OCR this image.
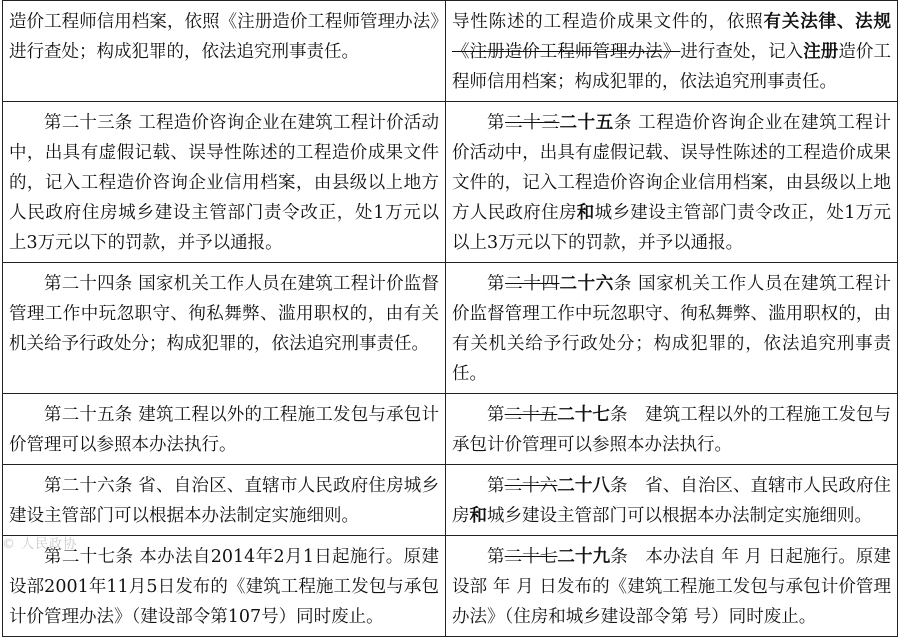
造价工程师信用档案，依照《注册造价工程师管理办法》进行查处；构成犯罪的，依法追究刑事责任。	导性陈述的工程造价成果文件的，依照有关法律、法规《注册造价工程师管理办法》进行查处，记入注册造价工程师信用档案；构成犯罪的，依法追究刑事责任。
第二十三条 工程造价咨询企业在建筑工程计价活动中，出具有虚假记载、误导性陈述的工程造价成果文件的，记入工程造价咨询企业信用档案，由县级以上地方人民政府住房城乡建设主管部门责令改正，处1万元以上3万元以下的罚款，并予以通报。	第二十三二十五条 工程造价咨询企业在建筑工程计价活动中，出具有虚假记载、误导性陈述的工程造价成果文件的，记入工程造价咨询企业信用档案，由县级以上地方人民政府住房和城乡建设主管部门责令改正，处1万元以上3万元以下的罚款，并予以通报。
第二十四条 国家机关工作人员在建筑工程计价监督管理工作中玩忽职守、徇私舞弊、滥用职权的，由有关机关给予行政处分；构成犯罪的，依法追究刑事责任。	第二十四二十六条 国家机关工作人员在建筑工程计价监督管理工作中玩忽职守、徇私舞弊、滥用职权的，由有关机关给予行政处分；构成犯罪的，依法追究刑事责任。
第二十五条 建筑工程以外的工程施工发包与承包计价管理可以参照本办法执行。	第二十五二十七条　建筑工程以外的工程施工发包与承包计价管理可以参照本办法执行。
第二十六条 省、自治区、直辖市人民政府住房城乡建设主管部门可以根据本办法制定实施细则。	第二十六二十八条　省、自治区、直辖市人民政府住房和城乡建设主管部门可以根据本办法制定实施细则。
第二十七条 本办法自2014年2月1日起施行。原建设部2001年11月5日发布的《建筑工程施工发包与承包计价管理办法》（建设部令第107号）同时废止。	第二十七二十九条　本办法自 年 月 日起施行。原建设部 年 月 日发布的《建筑工程施工发包与承包计价管理办法》（住房和城乡建设部令第 号）同时废止。
© 人民政协
